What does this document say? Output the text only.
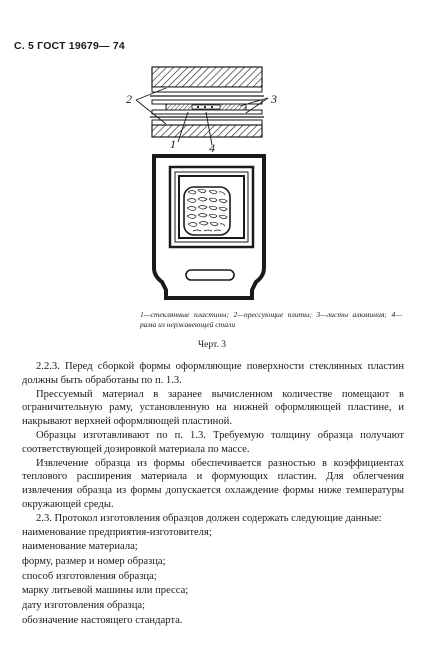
С. 5 ГОСТ 19679— 74
2	3
1	4
1—стеклянные пластины; 2—прессующие плиты; 3—листы алюминия; 4—рама из нержавеющей стали
Черт. 3

2.2.3. Перед сборкой формы оформляющие поверхности стеклянных пластин должны быть обработаны по п. 1.3.

Прессуемый материал в заранее вычисленном количестве помещают в ограничительную раму, установленную на нижней оформляющей пластине, и накрывают верхней оформляющей пластиной.

Образцы изготавливают по п. 1.3. Требуемую толщину образца получают соответствующей дозировкой материала по массе.

Извлечение образца из формы обеспечивается разностью в коэффициентах теплового расширения материала и формующих пластин. Для облегчения извлечения образца из формы допускается охлаждение формы ниже температуры окружающей среды.

2.3. Протокол изготовления образцов должен содержать следующие данные:

наименование предприятия-изготовителя;
наименование материала;
форму, размер и номер образца;
способ изготовления образца;
марку литьевой машины или пресса;
дату изготовления образца;
обозначение настоящего стандарта.
